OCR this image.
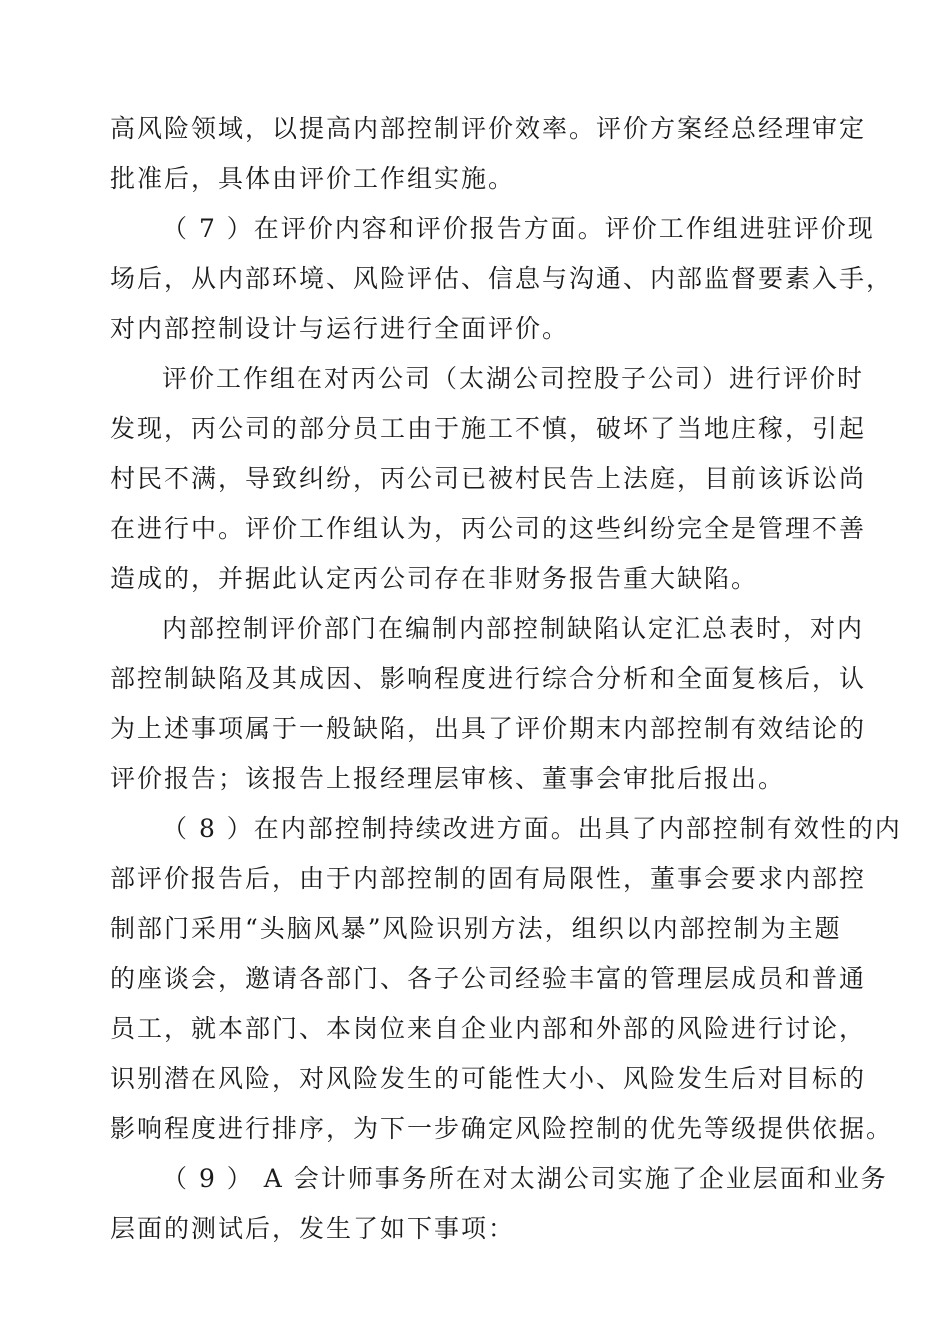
高风险领域，以提高内部控制评价效率。评价方案经总经理审定
批准后，具体由评价工作组实施。
（ 7 ）在评价内容和评价报告方面。评价工作组进驻评价现
场后，从内部环境、风险评估、信息与沟通、内部监督要素入手，
对内部控制设计与运行进行全面评价。
评价工作组在对丙公司（太湖公司控股子公司）进行评价时
发现，丙公司的部分员工由于施工不慎，破坏了当地庄稼，引起
村民不满，导致纠纷，丙公司已被村民告上法庭，目前该诉讼尚
在进行中。评价工作组认为，丙公司的这些纠纷完全是管理不善
造成的，并据此认定丙公司存在非财务报告重大缺陷。
内部控制评价部门在编制内部控制缺陷认定汇总表时，对内
部控制缺陷及其成因、影响程度进行综合分析和全面复核后，认
为上述事项属于一般缺陷，出具了评价期末内部控制有效结论的
评价报告；该报告上报经理层审核、董事会审批后报出。
（ 8 ）在内部控制持续改进方面。出具了内部控制有效性的内
部评价报告后，由于内部控制的固有局限性，董事会要求内部控
制部门采用“头脑风暴”风险识别方法，组织以内部控制为主题
的座谈会，邀请各部门、各子公司经验丰富的管理层成员和普通
员工，就本部门、本岗位来自企业内部和外部的风险进行讨论，
识别潜在风险，对风险发生的可能性大小、风险发生后对目标的
影响程度进行排序，为下一步确定风险控制的优先等级提供依据。
（ 9 ） A 会计师事务所在对太湖公司实施了企业层面和业务
层面的测试后，发生了如下事项：
